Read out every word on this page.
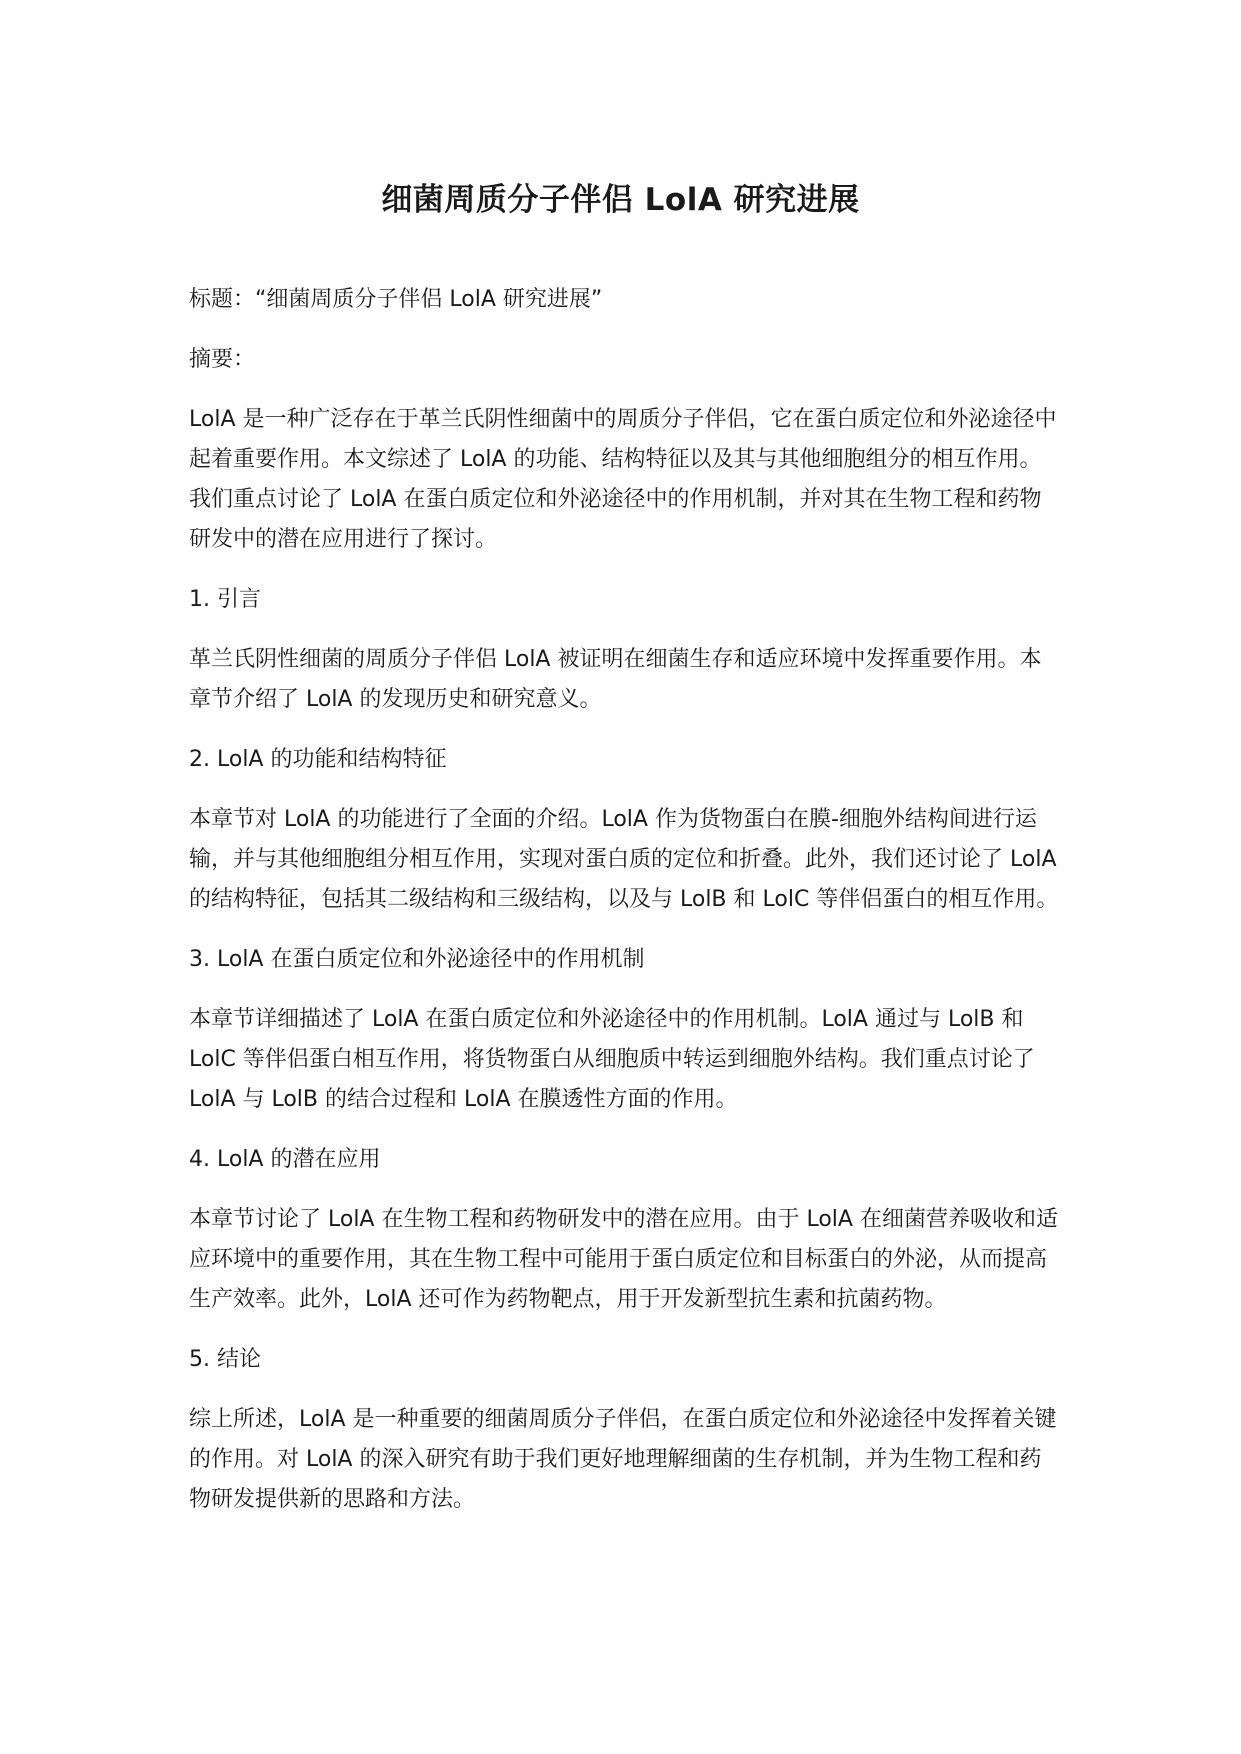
细菌周质分子伴侣 LolA 研究进展

标题：“细菌周质分子伴侣 LolA 研究进展”

摘要：

LolA 是一种广泛存在于革兰氏阴性细菌中的周质分子伴侣，它在蛋白质定位和外泌途径中起着重要作用。本文综述了 LolA 的功能、结构特征以及其与其他细胞组分的相互作用。我们重点讨论了 LolA 在蛋白质定位和外泌途径中的作用机制，并对其在生物工程和药物研发中的潜在应用进行了探讨。

1. 引言

革兰氏阴性细菌的周质分子伴侣 LolA 被证明在细菌生存和适应环境中发挥重要作用。本章节介绍了 LolA 的发现历史和研究意义。

2. LolA 的功能和结构特征

本章节对 LolA 的功能进行了全面的介绍。LolA 作为货物蛋白在膜-细胞外结构间进行运输，并与其他细胞组分相互作用，实现对蛋白质的定位和折叠。此外，我们还讨论了 LolA 的结构特征，包括其二级结构和三级结构，以及与 LolB 和 LolC 等伴侣蛋白的相互作用。

3. LolA 在蛋白质定位和外泌途径中的作用机制

本章节详细描述了 LolA 在蛋白质定位和外泌途径中的作用机制。LolA 通过与 LolB 和 LolC 等伴侣蛋白相互作用，将货物蛋白从细胞质中转运到细胞外结构。我们重点讨论了 LolA 与 LolB 的结合过程和 LolA 在膜透性方面的作用。

4. LolA 的潜在应用

本章节讨论了 LolA 在生物工程和药物研发中的潜在应用。由于 LolA 在细菌营养吸收和适应环境中的重要作用，其在生物工程中可能用于蛋白质定位和目标蛋白的外泌，从而提高生产效率。此外，LolA 还可作为药物靶点，用于开发新型抗生素和抗菌药物。

5. 结论

综上所述，LolA 是一种重要的细菌周质分子伴侣，在蛋白质定位和外泌途径中发挥着关键的作用。对 LolA 的深入研究有助于我们更好地理解细菌的生存机制，并为生物工程和药物研发提供新的思路和方法。
